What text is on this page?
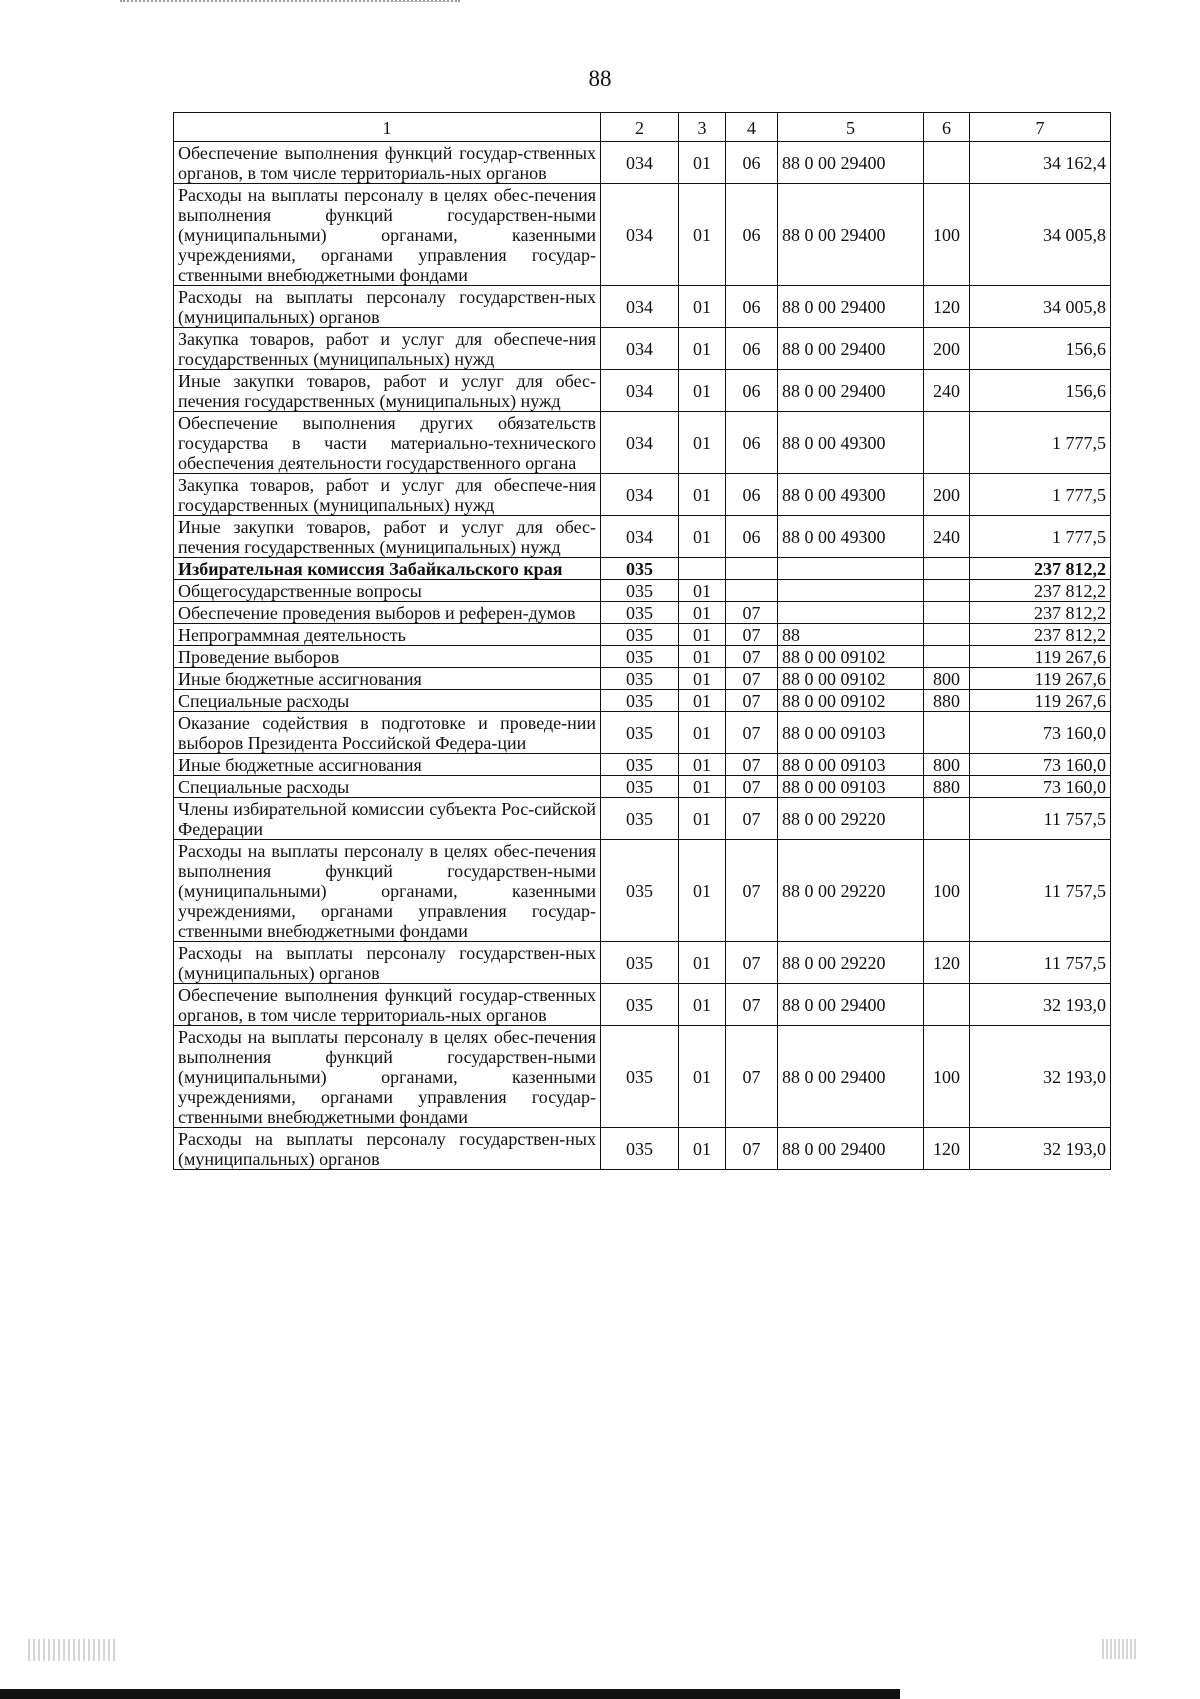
88
1	2	3	4	5	6	7
Обеспечение выполнения функций государ-ственных органов, в том числе территориаль-ных органов	034	01	06	88 0 00 29400		34 162,4
Расходы на выплаты персоналу в целях обес-печения выполнения функций государствен-ными (муниципальными) органами, казенными учреждениями, органами управления государ-ственными внебюджетными фондами	034	01	06	88 0 00 29400	100	34 005,8
Расходы на выплаты персоналу государствен-ных (муниципальных) органов	034	01	06	88 0 00 29400	120	34 005,8
Закупка товаров, работ и услуг для обеспече-ния государственных (муниципальных) нужд	034	01	06	88 0 00 29400	200	156,6
Иные закупки товаров, работ и услуг для обес-печения государственных (муниципальных) нужд	034	01	06	88 0 00 29400	240	156,6
Обеспечение выполнения других обязательств государства в части материально-технического обеспечения деятельности государственного органа	034	01	06	88 0 00 49300		1 777,5
Закупка товаров, работ и услуг для обеспече-ния государственных (муниципальных) нужд	034	01	06	88 0 00 49300	200	1 777,5
Иные закупки товаров, работ и услуг для обес-печения государственных (муниципальных) нужд	034	01	06	88 0 00 49300	240	1 777,5
Избирательная комиссия Забайкальского края	035					237 812,2
Общегосударственные вопросы	035	01				237 812,2
Обеспечение проведения выборов и референ-думов	035	01	07			237 812,2
Непрограммная деятельность	035	01	07	88		237 812,2
Проведение выборов	035	01	07	88 0 00 09102		119 267,6
Иные бюджетные ассигнования	035	01	07	88 0 00 09102	800	119 267,6
Специальные расходы	035	01	07	88 0 00 09102	880	119 267,6
Оказание содействия в подготовке и проведе-нии выборов Президента Российской Федера-ции	035	01	07	88 0 00 09103		73 160,0
Иные бюджетные ассигнования	035	01	07	88 0 00 09103	800	73 160,0
Специальные расходы	035	01	07	88 0 00 09103	880	73 160,0
Члены избирательной комиссии субъекта Рос-сийской Федерации	035	01	07	88 0 00 29220		11 757,5
Расходы на выплаты персоналу в целях обес-печения выполнения функций государствен-ными (муниципальными) органами, казенными учреждениями, органами управления государ-ственными внебюджетными фондами	035	01	07	88 0 00 29220	100	11 757,5
Расходы на выплаты персоналу государствен-ных (муниципальных) органов	035	01	07	88 0 00 29220	120	11 757,5
Обеспечение выполнения функций государ-ственных органов, в том числе территориаль-ных органов	035	01	07	88 0 00 29400		32 193,0
Расходы на выплаты персоналу в целях обес-печения выполнения функций государствен-ными (муниципальными) органами, казенными учреждениями, органами управления государ-ственными внебюджетными фондами	035	01	07	88 0 00 29400	100	32 193,0
Расходы на выплаты персоналу государствен-ных (муниципальных) органов	035	01	07	88 0 00 29400	120	32 193,0
